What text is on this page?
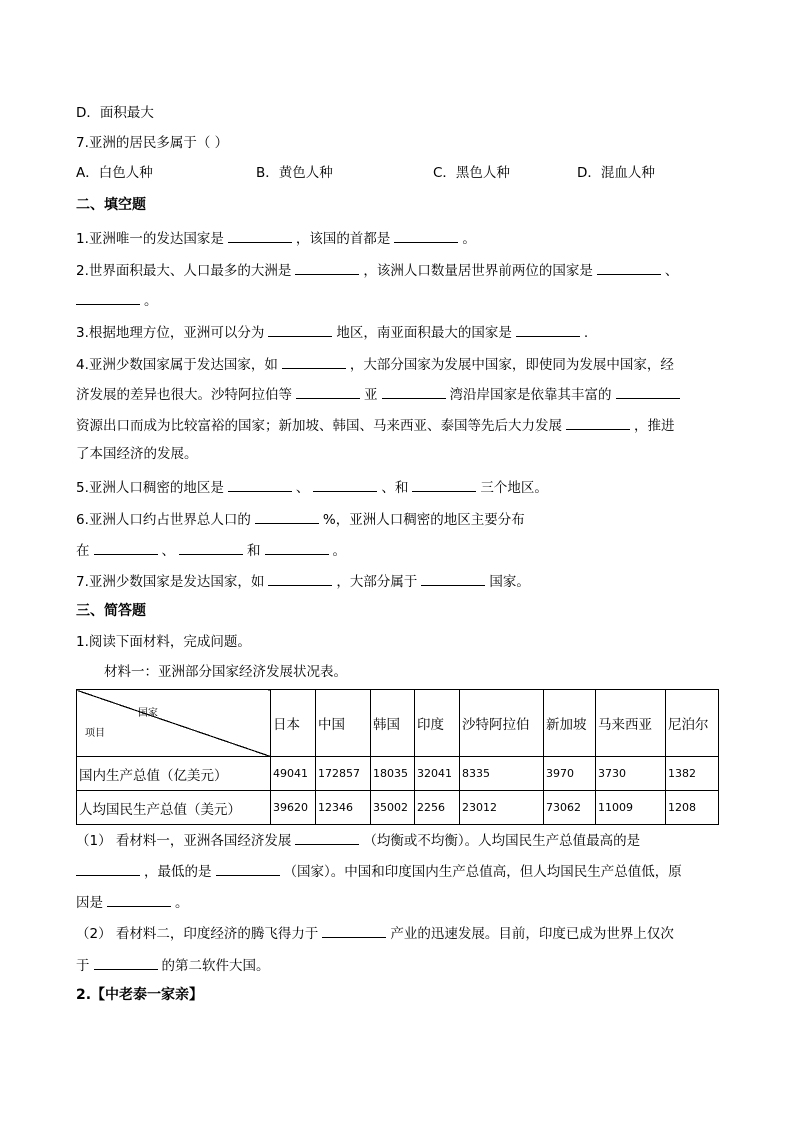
D．面积最大
7.亚洲的居民多属于（ ）
A．白色人种	B．黄色人种	C．黑色人种	D．混血人种
二、填空题
1.亚洲唯一的发达国家是	，该国的首都是	。
2.世界面积最大、人口最多的大洲是	，该洲人口数量居世界前两位的国家是	、
。
3.根据地理方位，亚洲可以分为	地区，南亚面积最大的国家是	.
4.亚洲少数国家属于发达国家，如	，大部分国家为发展中国家，即使同为发展中国家，经
济发展的差异也很大。沙特阿拉伯等	亚	湾沿岸国家是依靠其丰富的
资源出口而成为比较富裕的国家；新加坡、韩国、马来西亚、泰国等先后大力发展	，推进
了本国经济的发展。
5.亚洲人口稠密的地区是	、	、和	三个地区。
6.亚洲人口约占世界总人口的	%，亚洲人口稠密的地区主要分布
在	、	和	。
7.亚洲少数国家是发达国家，如	，大部分属于	国家。
三、简答题
1.阅读下面材料，完成问题。
材料一：亚洲部分国家经济发展状况表。
国家
项目	日本	中国	韩国	印度	沙特阿拉伯	新加坡	马来西亚	尼泊尔
国内生产总值（亿美元）	49041	172857	18035	32041	8335	3970	3730	1382
人均国民生产总值（美元）	39620	12346	35002	2256	23012	73062	11009	1208
（1） 看材料一，亚洲各国经济发展	（均衡或不均衡）。人均国民生产总值最高的是
，最低的是	（国家）。中国和印度国内生产总值高，但人均国民生产总值低，原
因是	。
（2） 看材料二，印度经济的腾飞得力于	产业的迅速发展。目前，印度已成为世界上仅次
于	的第二软件大国。
2.【中老泰一家亲】
